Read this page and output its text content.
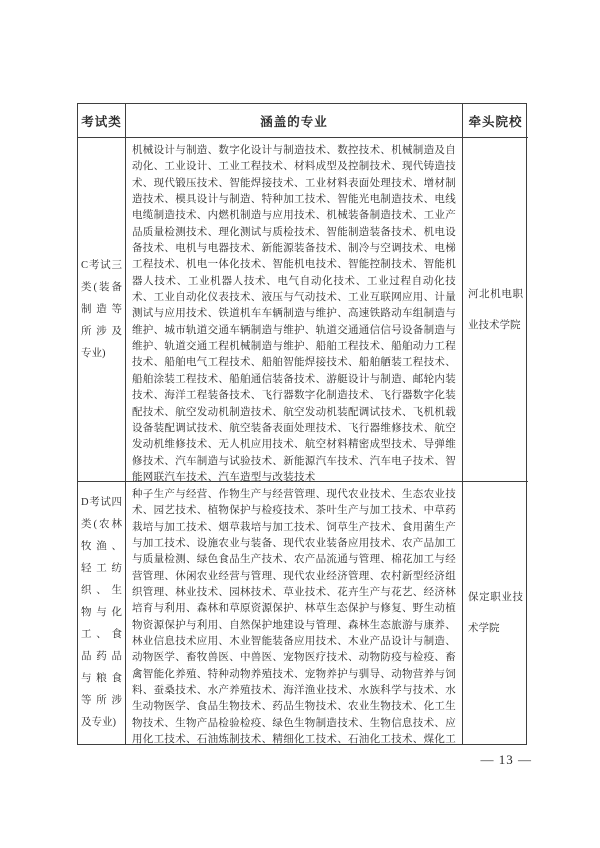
考试类	涵盖的专业	牵头院校
C考试三类(装备制造等所涉及专业)
机械设计与制造、数字化设计与制造技术、数控技术、机械制造及自动化、工业设计、工业工程技术、材料成型及控制技术、现代铸造技术、现代锻压技术、智能焊接技术、工业材料表面处理技术、增材制造技术、模具设计与制造、特种加工技术、智能光电制造技术、电线电缆制造技术、内燃机制造与应用技术、机械装备制造技术、工业产品质量检测技术、理化测试与质检技术、智能制造装备技术、机电设备技术、电机与电器技术、新能源装备技术、制冷与空调技术、电梯工程技术、机电一体化技术、智能机电技术、智能控制技术、智能机器人技术、工业机器人技术、电气自动化技术、工业过程自动化技术、工业自动化仪表技术、液压与气动技术、工业互联网应用、计量测试与应用技术、铁道机车车辆制造与维护、高速铁路动车组制造与维护、城市轨道交通车辆制造与维护、轨道交通通信信号设备制造与维护、轨道交通工程机械制造与维护、船舶工程技术、船舶动力工程技术、船舶电气工程技术、船舶智能焊接技术、船舶舾装工程技术、船舶涂装工程技术、船舶通信装备技术、游艇设计与制造、邮轮内装技术、海洋工程装备技术、飞行器数字化制造技术、飞行器数字化装配技术、航空发动机制造技术、航空发动机装配调试技术、飞机机载设备装配调试技术、航空装备表面处理技术、飞行器维修技术、航空发动机维修技术、无人机应用技术、航空材料精密成型技术、导弹维修技术、汽车制造与试验技术、新能源汽车技术、汽车电子技术、智能网联汽车技术、汽车造型与改装技术
河北机电职业技术学院
D考试四类(农林牧渔、轻工纺织、生物与化工、食品药品与粮食等所涉及专业)
种子生产与经营、作物生产与经营管理、现代农业技术、生态农业技术、园艺技术、植物保护与检疫技术、茶叶生产与加工技术、中草药栽培与加工技术、烟草栽培与加工技术、饲草生产技术、食用菌生产与加工技术、设施农业与装备、现代农业装备应用技术、农产品加工与质量检测、绿色食品生产技术、农产品流通与管理、棉花加工与经营管理、休闲农业经营与管理、现代农业经济管理、农村新型经济组织管理、林业技术、园林技术、草业技术、花卉生产与花艺、经济林培育与利用、森林和草原资源保护、林草生态保护与修复、野生动植物资源保护与利用、自然保护地建设与管理、森林生态旅游与康养、林业信息技术应用、木业智能装备应用技术、木业产品设计与制造、动物医学、畜牧兽医、中兽医、宠物医疗技术、动物防疫与检疫、畜禽智能化养殖、特种动物养殖技术、宠物养护与驯导、动物营养与饲料、蚕桑技术、水产养殖技术、海洋渔业技术、水族科学与技术、水生动物医学、食品生物技术、药品生物技术、农业生物技术、化工生物技术、生物产品检验检疫、绿色生物制造技术、生物信息技术、应用化工技术、石油炼制技术、精细化工技术、石油化工技术、煤化工
保定职业技术学院
— 13 —
